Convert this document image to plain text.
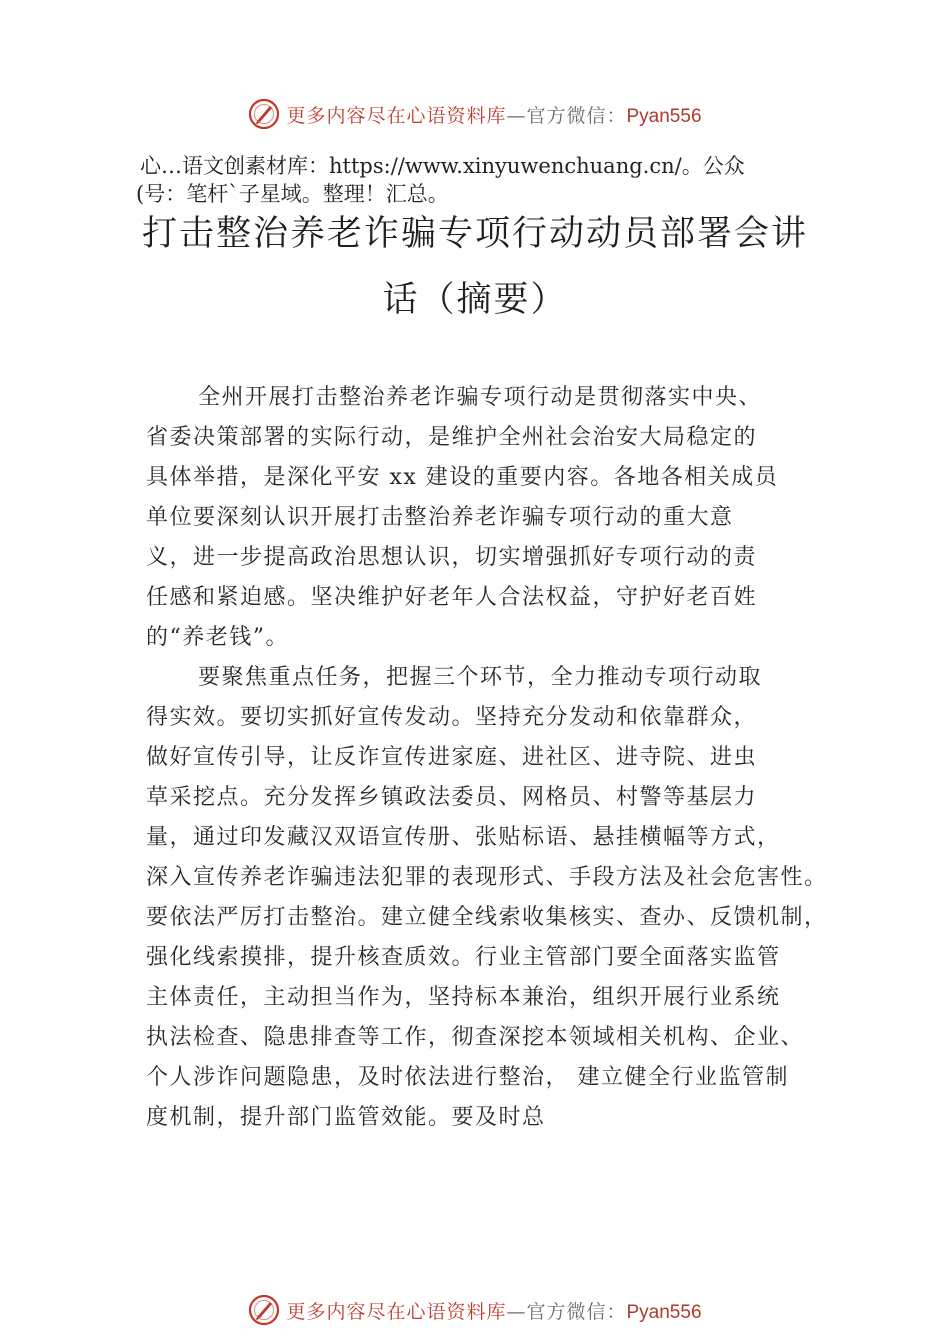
更多内容尽在心语资料库—官方微信：Pyan556
心…语文创素材库：https://www.xinyuwenchuang.cn/。公众
(号：笔杆`子星域。整理！汇总。
打击整治养老诈骗专项行动动员部署会讲
话（摘要）
全州开展打击整治养老诈骗专项行动是贯彻落实中央、
省委决策部署的实际行动，是维护全州社会治安大局稳定的
具体举措，是深化平安 xx 建设的重要内容。各地各相关成员
单位要深刻认识开展打击整治养老诈骗专项行动的重大意
义，进一步提高政治思想认识，切实增强抓好专项行动的责
任感和紧迫感。坚决维护好老年人合法权益，守护好老百姓
的“养老钱”。
要聚焦重点任务，把握三个环节，全力推动专项行动取
得实效。要切实抓好宣传发动。坚持充分发动和依靠群众，
做好宣传引导，让反诈宣传进家庭、进社区、进寺院、进虫
草采挖点。充分发挥乡镇政法委员、网格员、村警等基层力
量，通过印发藏汉双语宣传册、张贴标语、悬挂横幅等方式，
深入宣传养老诈骗违法犯罪的表现形式、手段方法及社会危害性。
要依法严厉打击整治。建立健全线索收集核实、查办、反馈机制，
强化线索摸排，提升核查质效。行业主管部门要全面落实监管
主体责任，主动担当作为，坚持标本兼治，组织开展行业系统
执法检查、隐患排查等工作，彻查深挖本领域相关机构、企业、
个人涉诈问题隐患，及时依法进行整治， 建立健全行业监管制
度机制，提升部门监管效能。要及时总
更多内容尽在心语资料库—官方微信：Pyan556
